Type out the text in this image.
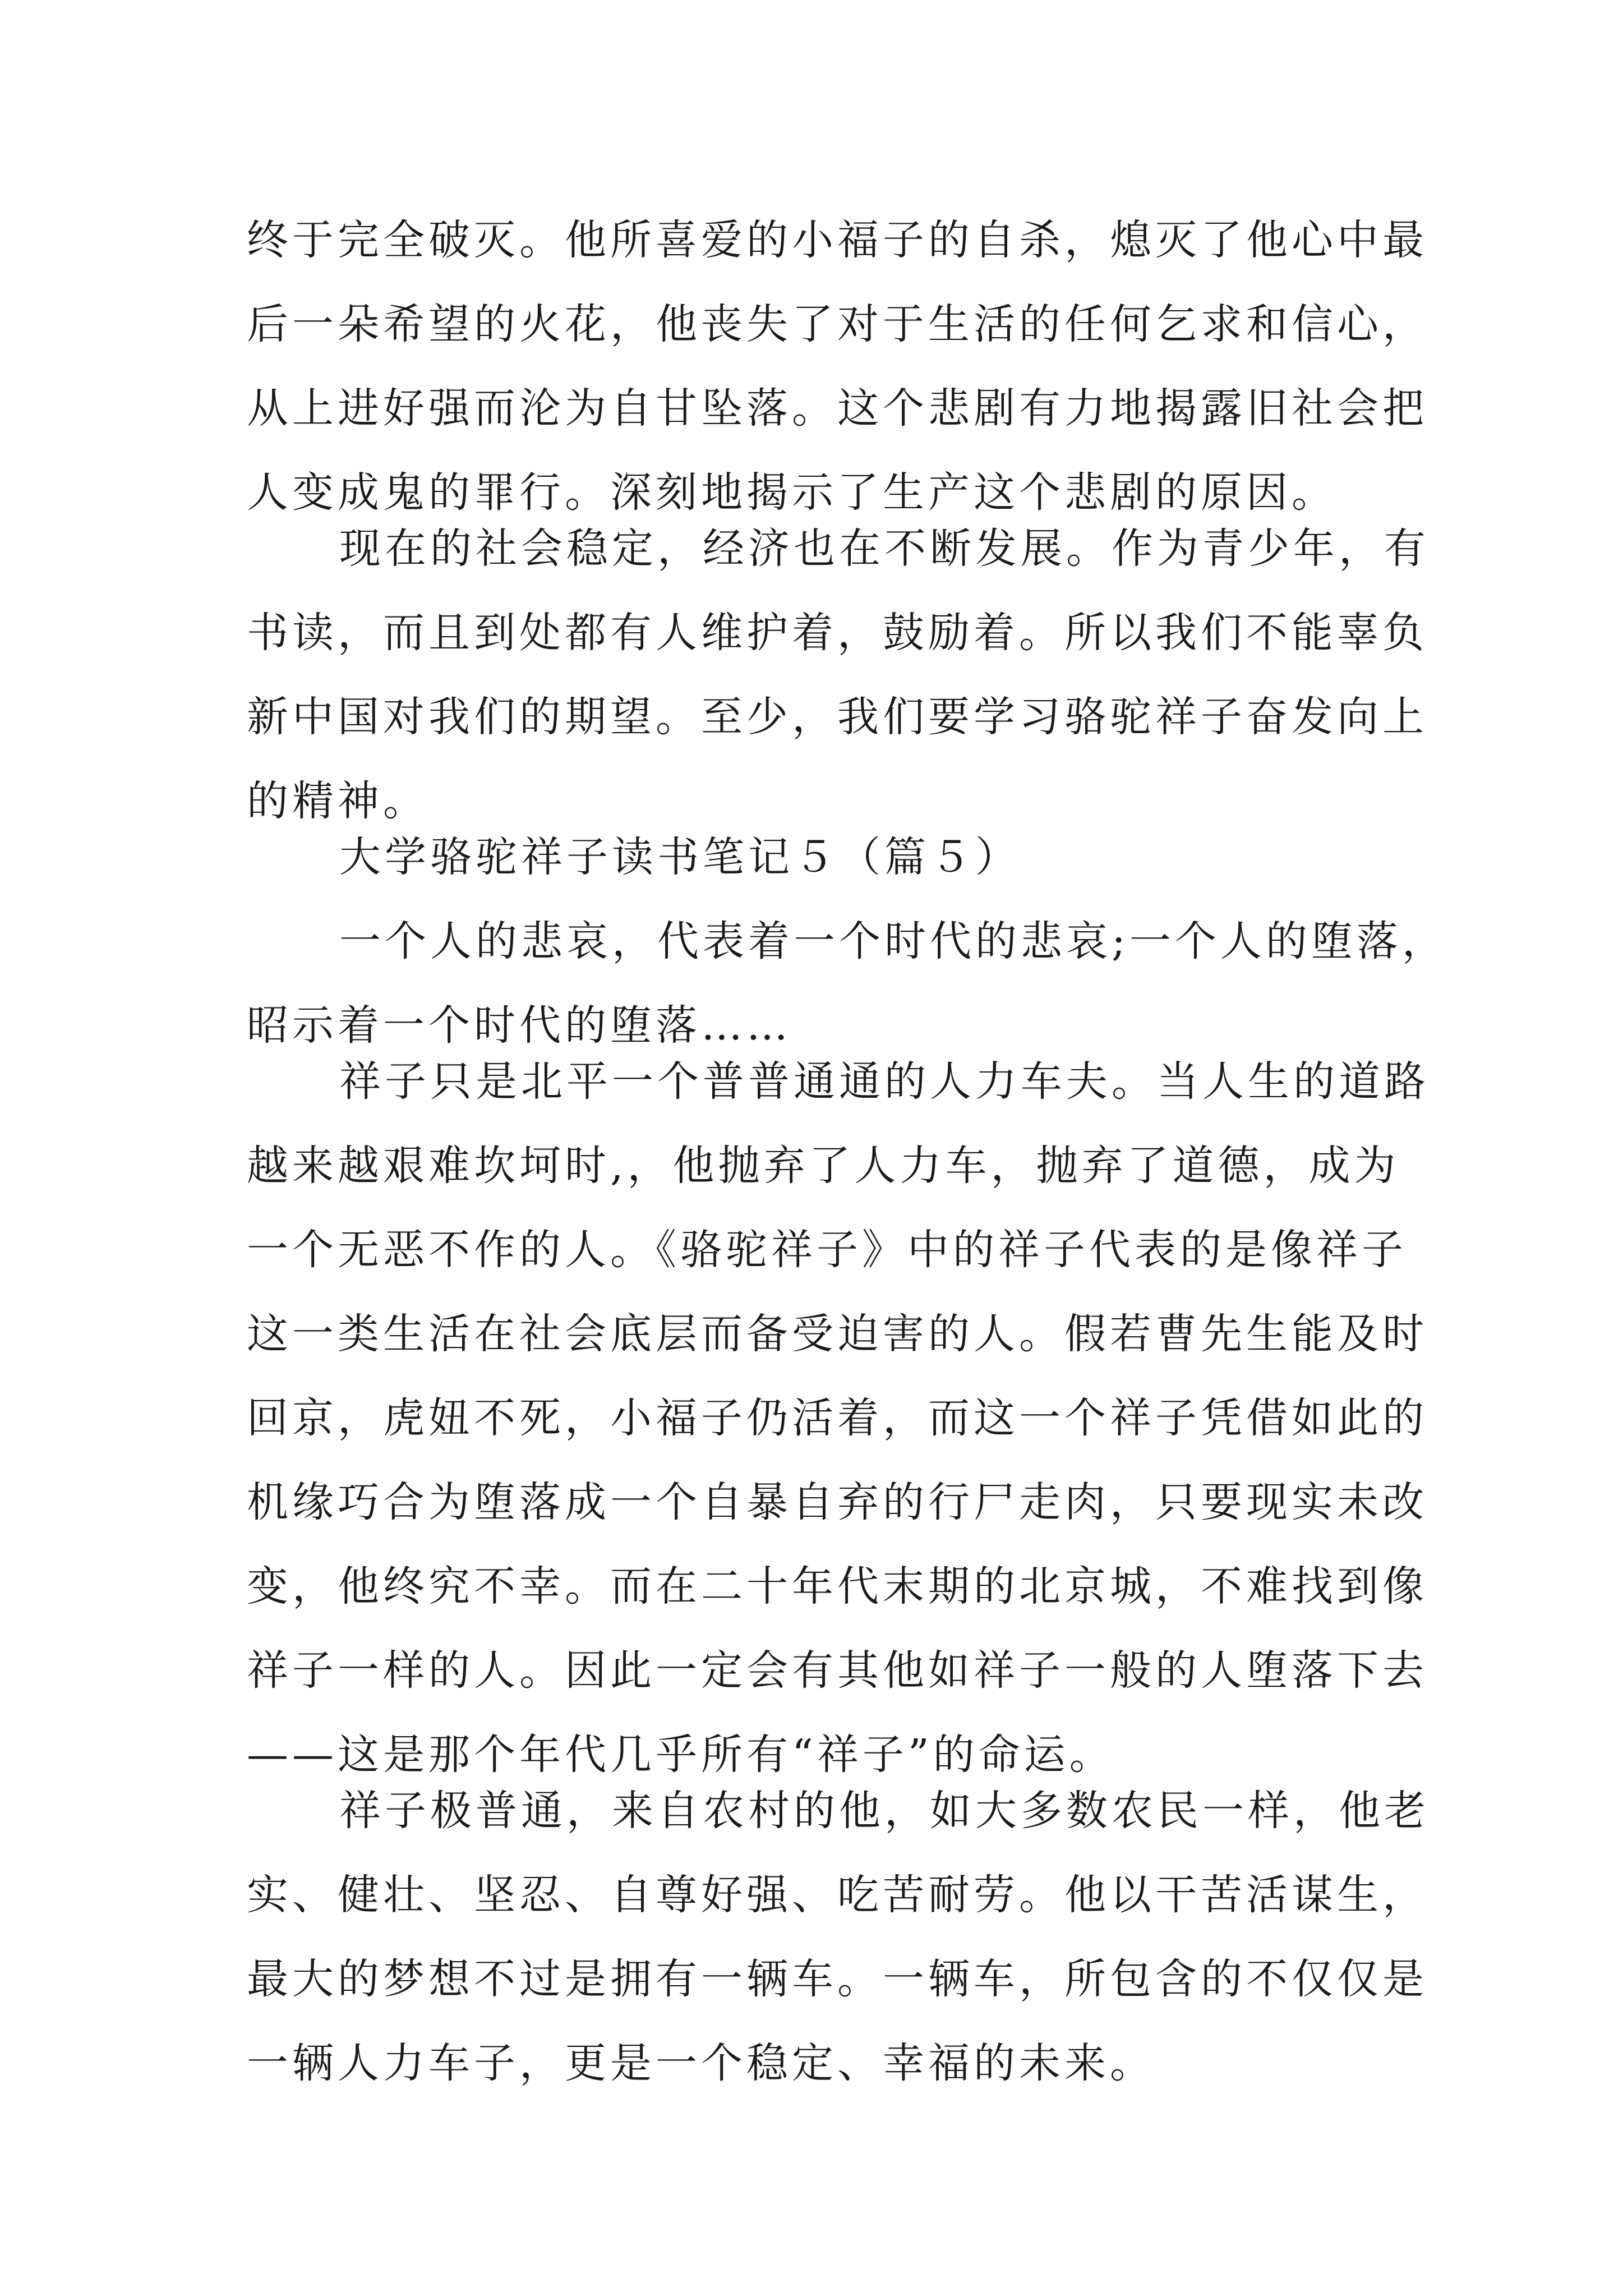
终于完全破灭。他所喜爱的小福子的自杀，熄灭了他心中最
后一朵希望的火花，他丧失了对于生活的任何乞求和信心，
从上进好强而沦为自甘坠落。这个悲剧有力地揭露旧社会把
人变成鬼的罪行。深刻地揭示了生产这个悲剧的原因。
现在的社会稳定，经济也在不断发展。作为青少年，有
书读，而且到处都有人维护着，鼓励着。所以我们不能辜负
新中国对我们的期望。至少，我们要学习骆驼祥子奋发向上
的精神。
大学骆驼祥子读书笔记５（篇５）
一个人的悲哀，代表着一个时代的悲哀;一个人的堕落，
昭示着一个时代的堕落……
祥子只是北平一个普普通通的人力车夫。当人生的道路
越来越艰难坎坷时,，他抛弃了人力车，抛弃了道德，成为
一个无恶不作的人。《骆驼祥子》中的祥子代表的是像祥子
这一类生活在社会底层而备受迫害的人。假若曹先生能及时
回京，虎妞不死，小福子仍活着，而这一个祥子凭借如此的
机缘巧合为堕落成一个自暴自弃的行尸走肉，只要现实未改
变，他终究不幸。而在二十年代末期的北京城，不难找到像
祥子一样的人。因此一定会有其他如祥子一般的人堕落下去
——这是那个年代几乎所有“祥子”的命运。
祥子极普通，来自农村的他，如大多数农民一样，他老
实、健壮、坚忍、自尊好强、吃苦耐劳。他以干苦活谋生，
最大的梦想不过是拥有一辆车。一辆车，所包含的不仅仅是
一辆人力车子，更是一个稳定、幸福的未来。
